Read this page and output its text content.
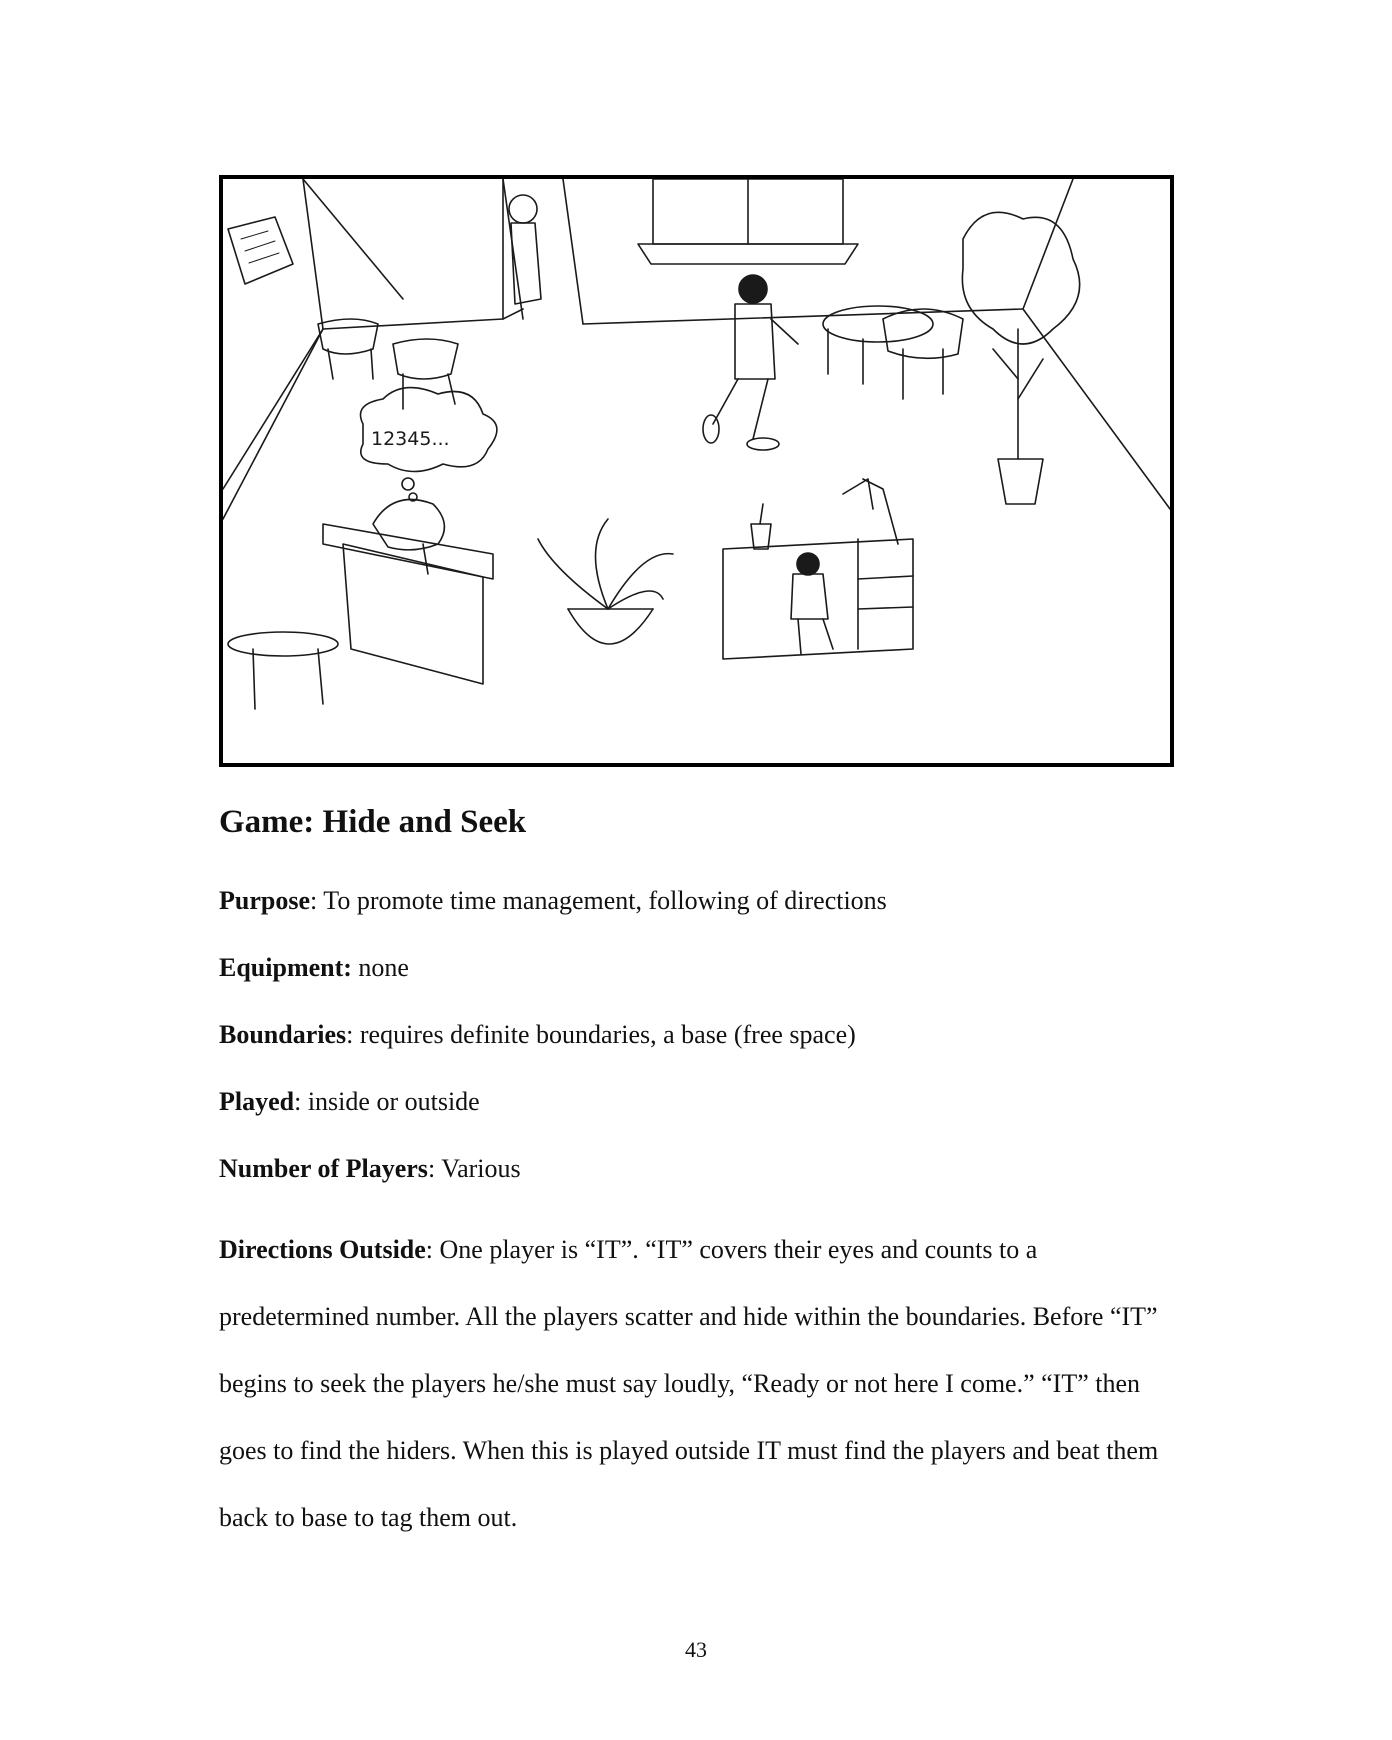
12345...
Game: Hide and Seek
Purpose: To promote time management, following of directions
Equipment: none
Boundaries: requires definite boundaries, a base (free space)
Played: inside or outside
Number of Players: Various
Directions Outside: One player is “IT”. “IT” covers their eyes and counts to a predetermined number. All the players scatter and hide within the boundaries. Before “IT” begins to seek the players he/she must say loudly, “Ready or not here I come.” “IT” then goes to find the hiders. When this is played outside IT must find the players and beat them back to base to tag them out.
43
